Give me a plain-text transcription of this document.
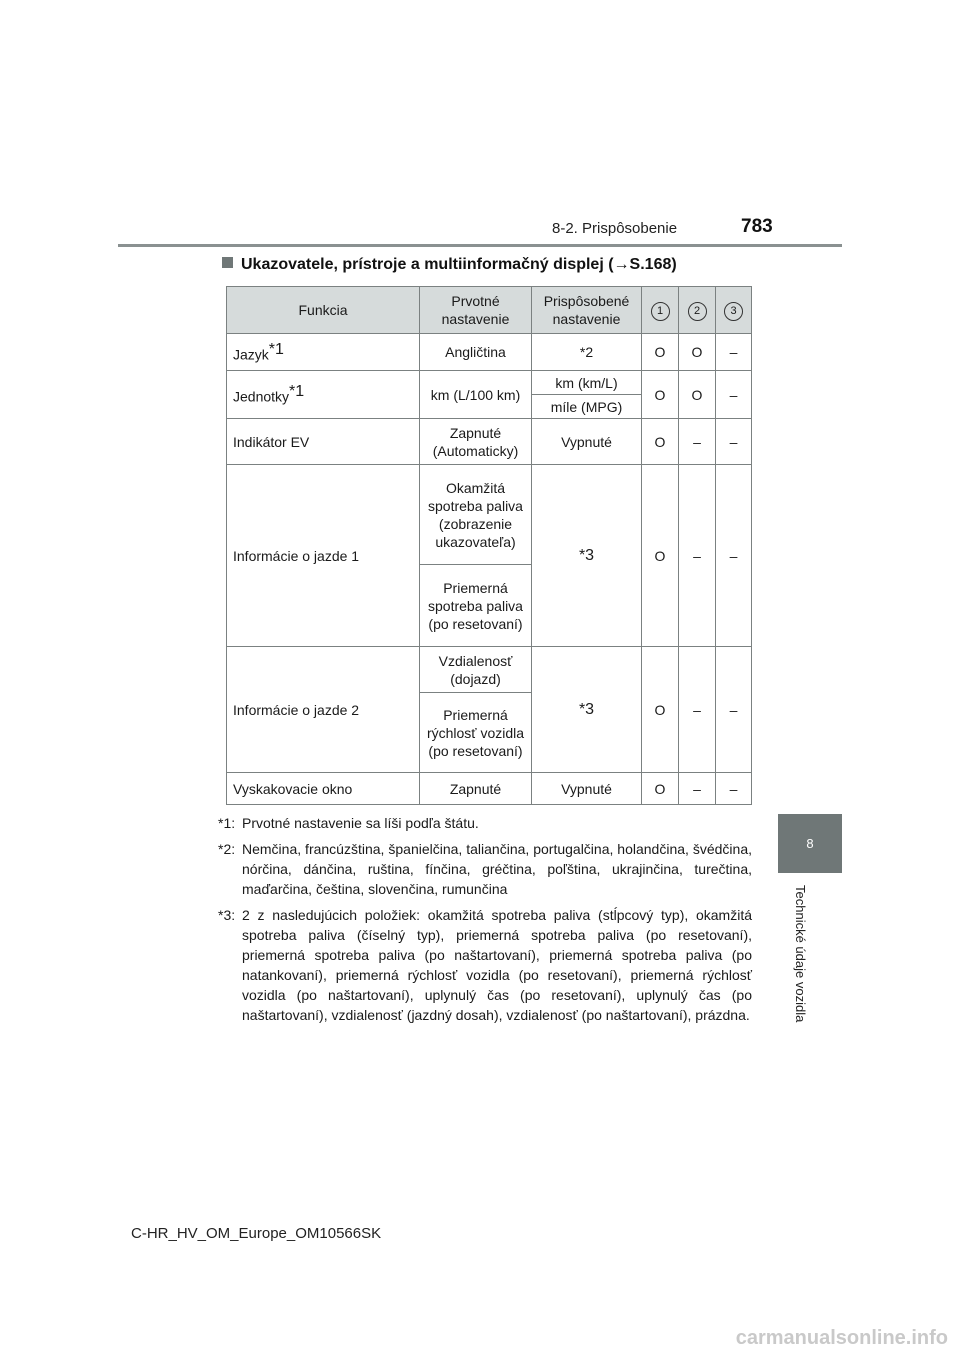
8-2. Prispôsobenie	783
8
Technické údaje vozidla
Ukazovatele, prístroje a multiinformačný displej (→S.168)
Funkcia	Prvotné nastavenie	Prispôsobené nastavenie	1	2	3
Jazyk$^{*1}$	Angličtina	*2	O	O	–
Jednotky$^{*1}$	km (L/100 km)	km (km/L)	O	O	–
		míle (MPG)			
Indikátor EV	Zapnuté (Automaticky)	Vypnuté	O	–	–
Informácie o jazde 1	Okamžitá spotreba paliva (zobrazenie ukazovateľa)	*3	O	–	–
	Priemerná spotreba paliva (po resetovaní)				
Informácie o jazde 2	Vzdialenosť (dojazd)	*3	O	–	–
	Priemerná rýchlosť vozidla (po resetovaní)				
Vyskakovacie okno	Zapnuté	Vypnuté	O	–	–
*1: Prvotné nastavenie sa líši podľa štátu.
*2: Nemčina, francúzština, španielčina, taliančina, portugalčina, holandčina, švédčina, nórčina, dánčina, ruština, fínčina, gréčtina, poľština, ukrajinčina, turečtina, maďarčina, čeština, slovenčina, rumunčina
*3: 2 z nasledujúcich položiek: okamžitá spotreba paliva (stĺpcový typ), okamžitá spotreba paliva (číselný typ), priemerná spotreba paliva (po resetovaní), priemerná spotreba paliva (po naštartovaní), priemerná spotreba paliva (po natankovaní), priemerná rýchlosť vozidla (po resetovaní), priemerná rýchlosť vozidla (po naštartovaní), uplynulý čas (po resetovaní), uplynulý čas (po naštartovaní), vzdialenosť (jazdný dosah), vzdialenosť (po naštartovaní), prázdna.
C-HR_HV_OM_Europe_OM10566SK
carmanualsonline.info
